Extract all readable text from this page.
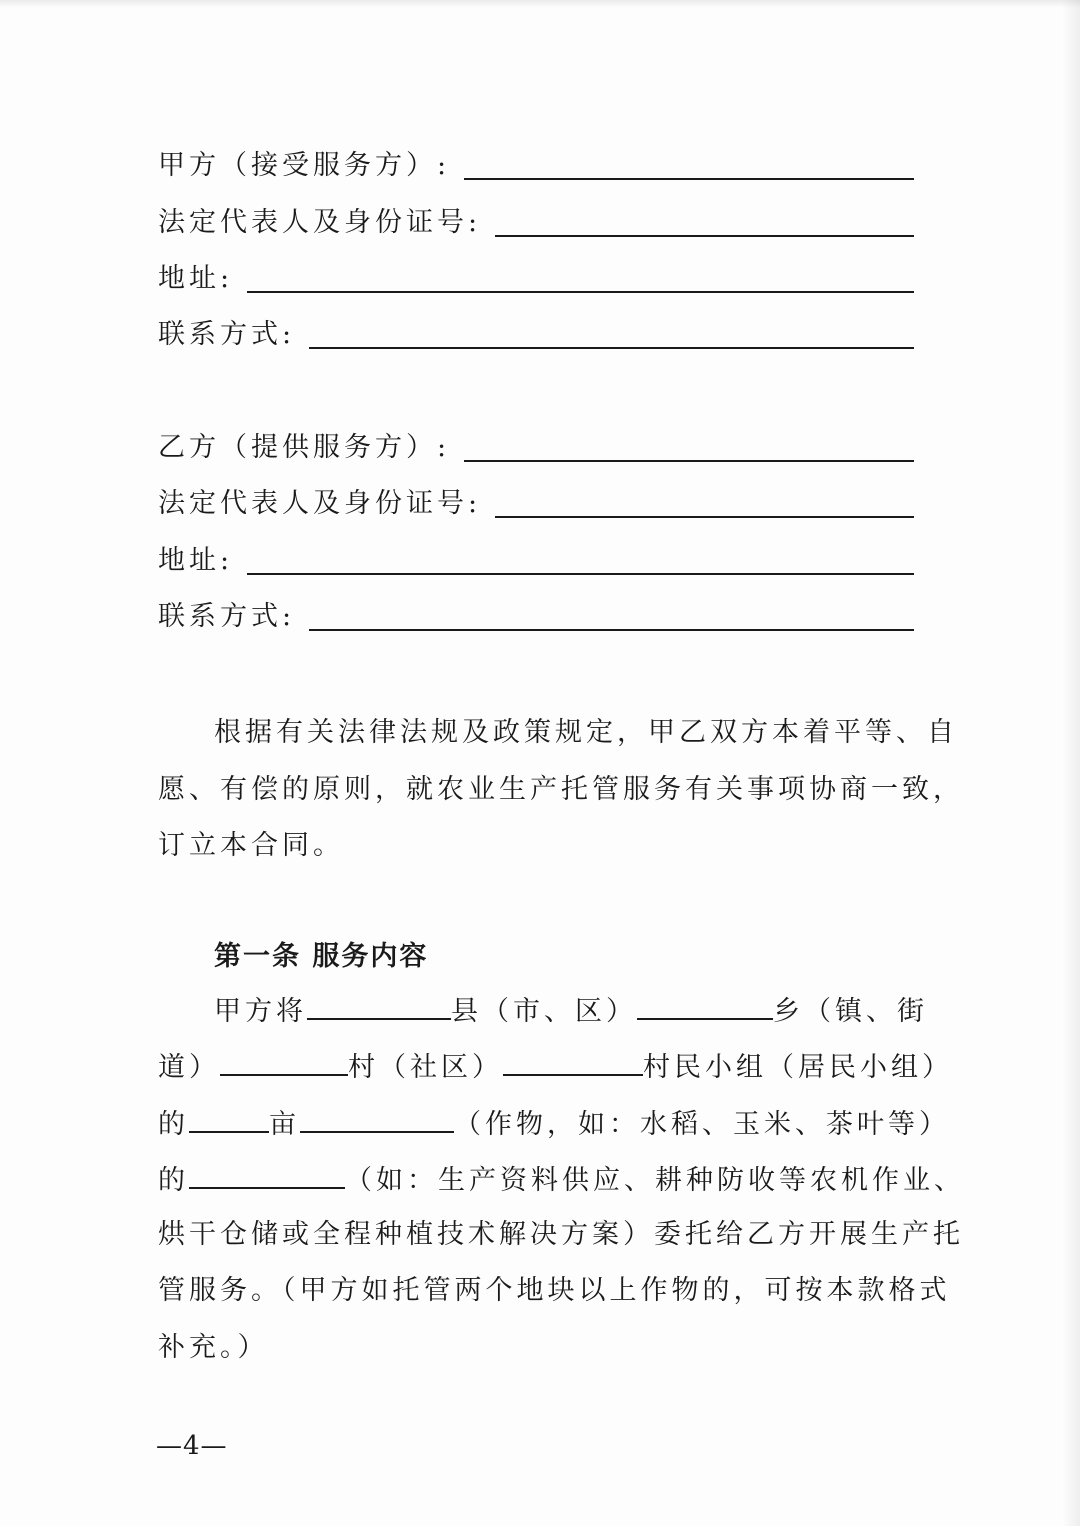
甲方（接受服务方）:
法定代表人及身份证号:
地址:
联系方式:
乙方（提供服务方）:
法定代表人及身份证号:
地址:
联系方式:
根据有关法律法规及政策规定，甲乙双方本着平等、自
愿、有偿的原则，就农业生产托管服务有关事项协商一致，
订立本合同。
第一条 服务内容
甲方将	县（市、区）	乡（镇、街
道）	村（社区）	村民小组（居民小组）
的	亩	（作物，如：水稻、玉米、茶叶等）
的	（如：生产资料供应、耕种防收等农机作业、
烘干仓储或全程种植技术解决方案）委托给乙方开展生产托
管服务。（甲方如托管两个地块以上作物的，可按本款格式
补充。）
—4—
